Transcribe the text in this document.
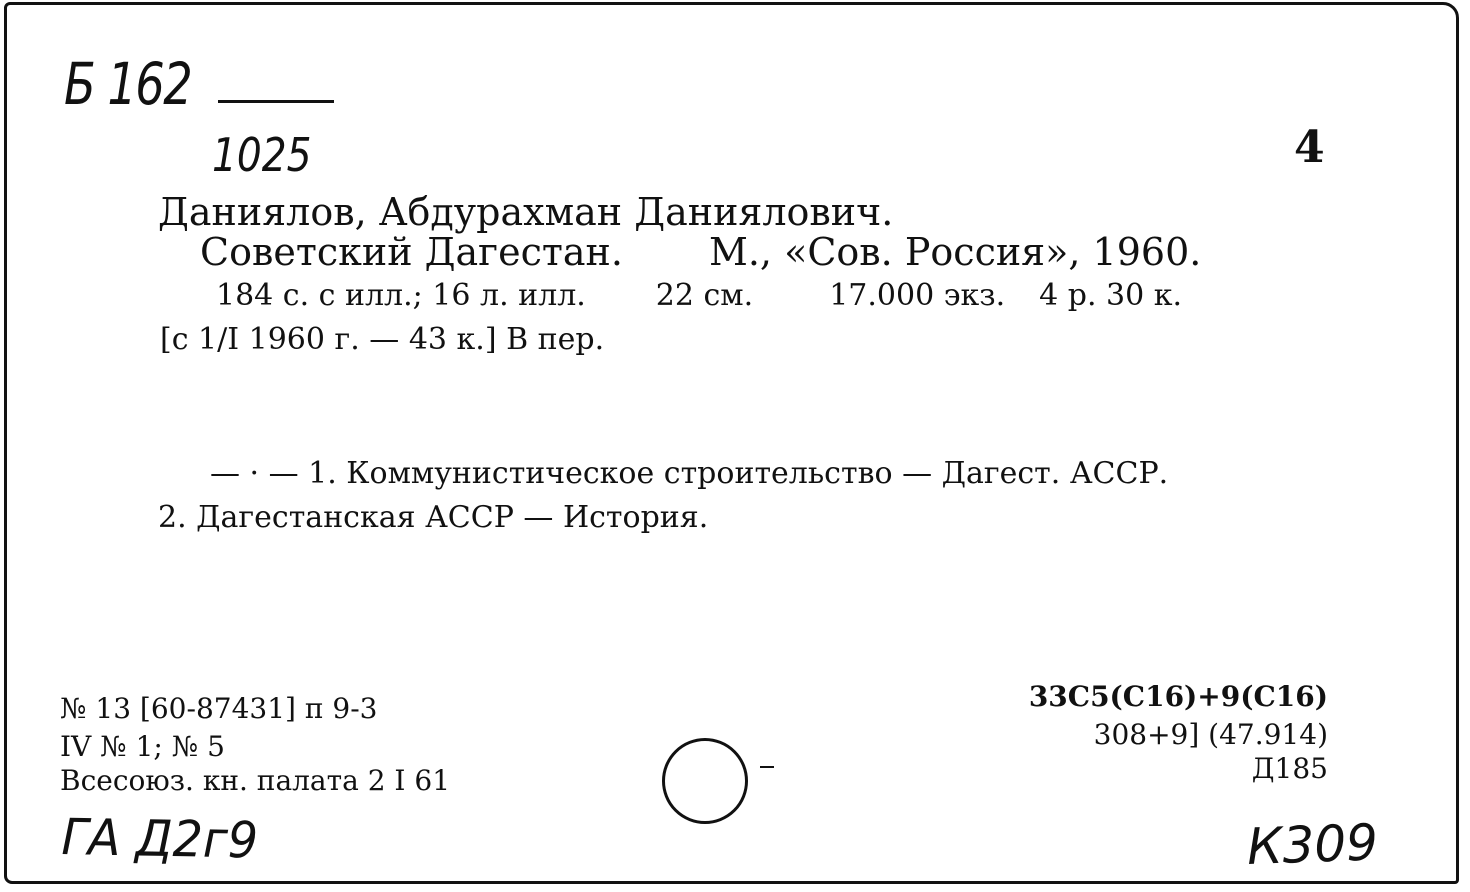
Б 162
1025	4
Даниялов, Абдурахман Даниялович.
Советский Дагестан. М., «Сов. Россия», 1960.
184 с. с илл.; 16 л. илл. 22 см.	17.000 экз. 4 р. 30 к.
[с 1/I 1960 г. — 43 к.] В пер.
— · — 1. Коммунистическое строительство — Дагест. АССР.
2. Дагестанская АССР — История.
№ 13 [60-87431] п 9-3
IV № 1; № 5
Всесоюз. кн. палата 2 I 61
33С5(С16)+9(С16)
308+9] (47.914)
Д185
ГА Д2г9	К309
